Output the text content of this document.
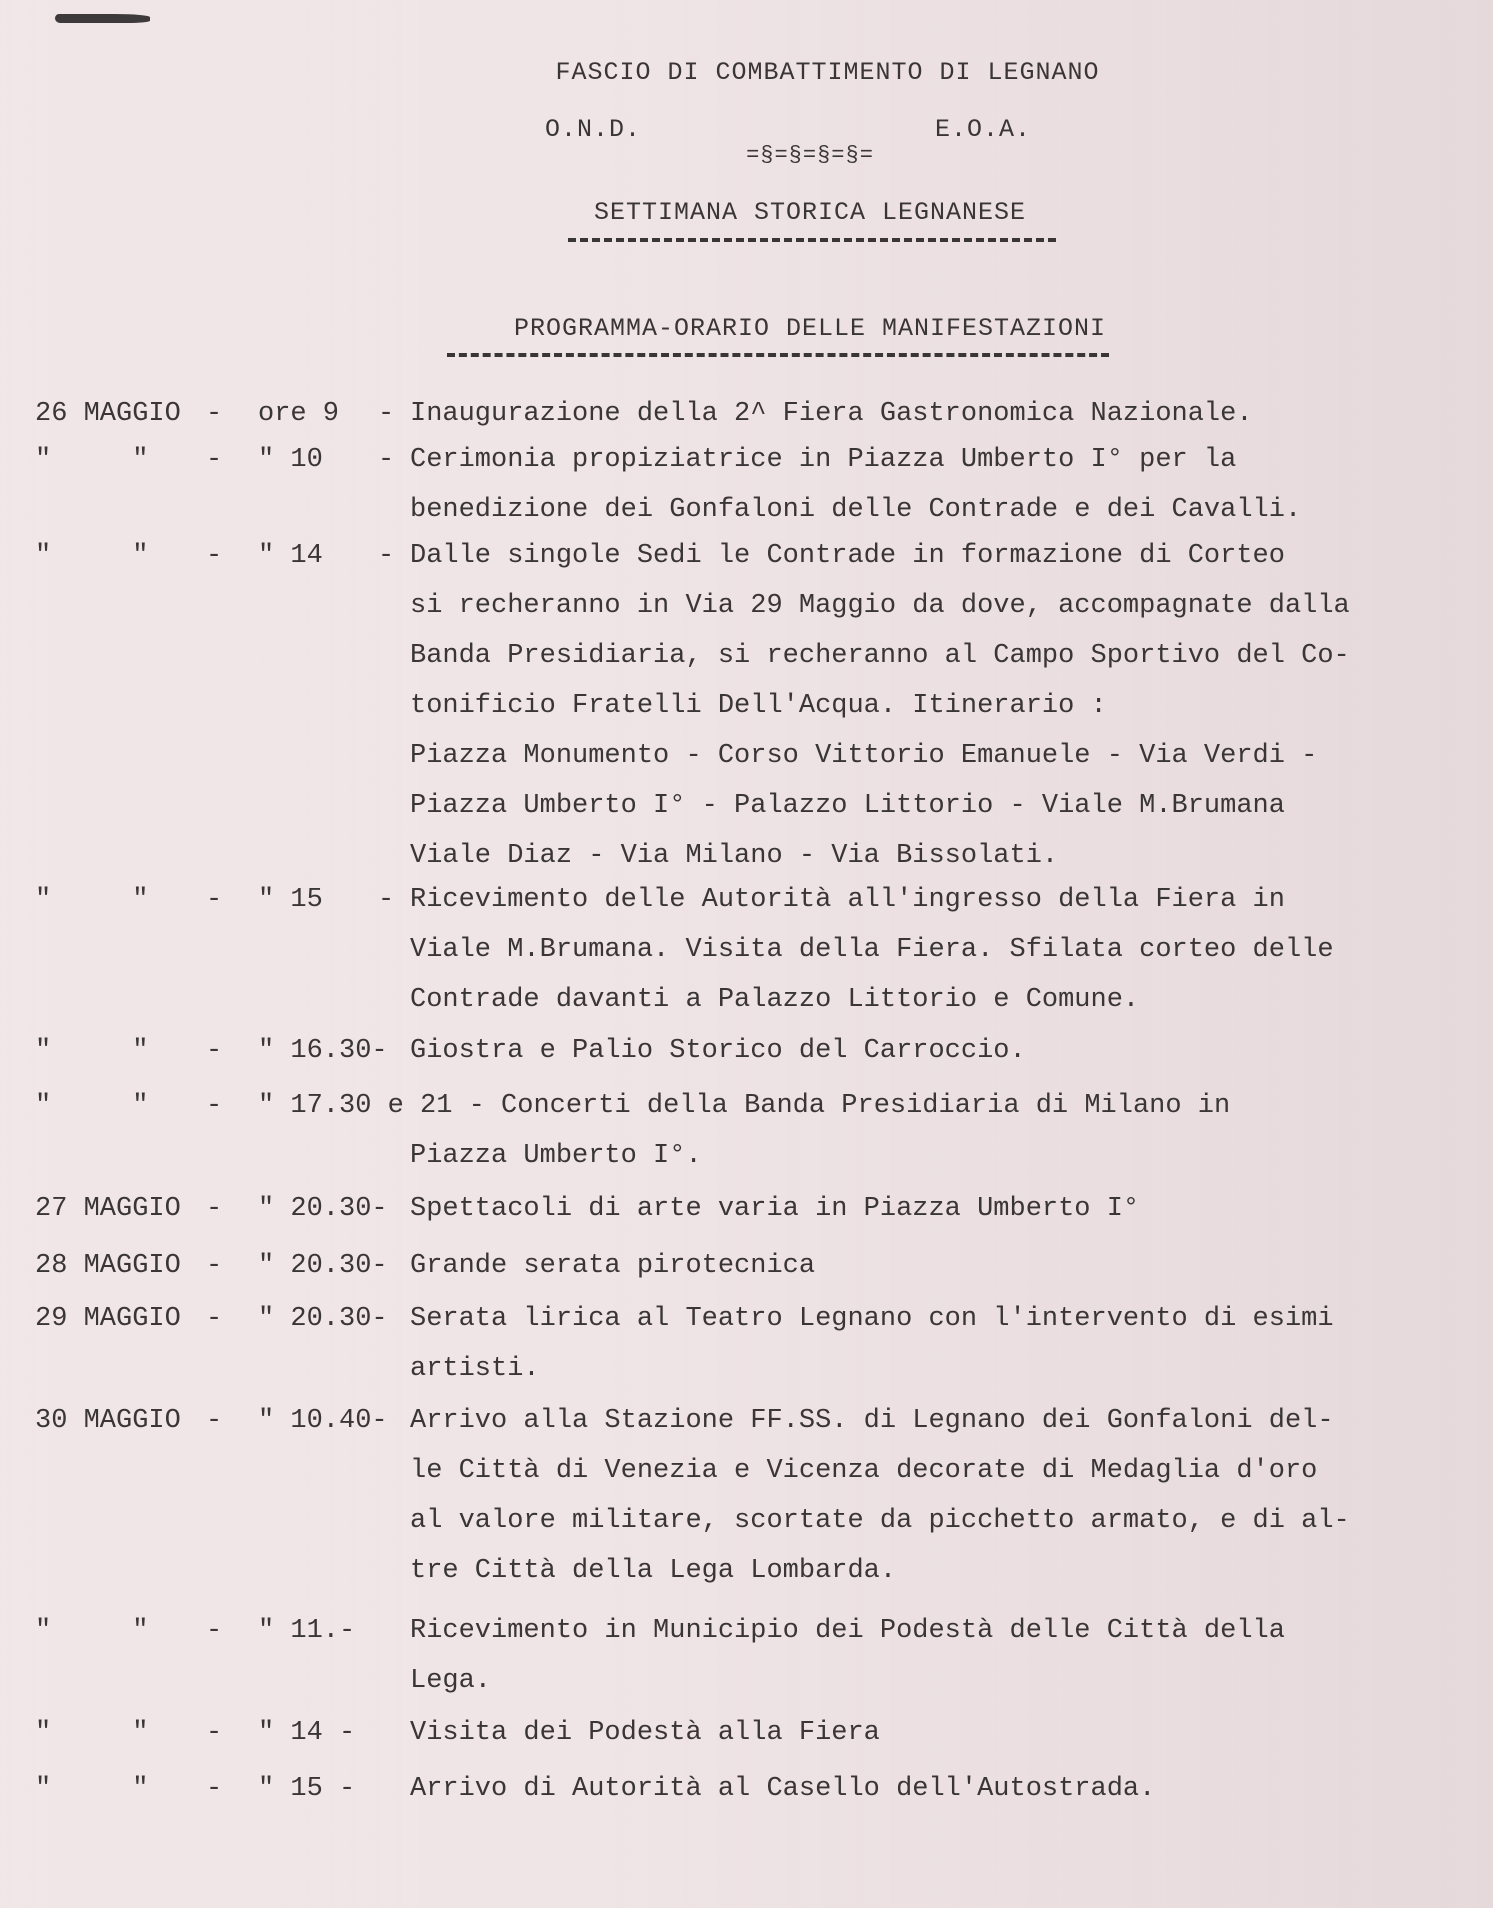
FASCIO DI COMBATTIMENTO DI LEGNANO
O.N.D.	E.O.A.
=§=§=§=§=
SETTIMANA STORICA LEGNANESE
PROGRAMMA-ORARIO DELLE MANIFESTAZIONI
26 MAGGIO - ore 9 - Inaugurazione della 2^ Fiera Gastronomica Nazionale.
"     " - " 10 - Cerimonia propiziatrice in Piazza Umberto I° per la
benedizione dei Gonfaloni delle Contrade e dei Cavalli.
"     " - " 14 - Dalle singole Sedi le Contrade in formazione di Corteo
si recheranno in Via 29 Maggio da dove, accompagnate dalla
Banda Presidiaria, si recheranno al Campo Sportivo del Co-
tonificio Fratelli Dell'Acqua. Itinerario :
Piazza Monumento - Corso Vittorio Emanuele - Via Verdi -
Piazza Umberto I° - Palazzo Littorio - Viale M.Brumana
Viale Diaz - Via Milano - Via Bissolati.
"     " - " 15 - Ricevimento delle Autorità all'ingresso della Fiera in
Viale M.Brumana. Visita della Fiera. Sfilata corteo delle
Contrade davanti a Palazzo Littorio e Comune.
"     " - " 16.30- Giostra e Palio Storico del Carroccio.
"     " - " 17.30 e 21 - Concerti della Banda Presidiaria di Milano in
Piazza Umberto I°.
27 MAGGIO - " 20.30- Spettacoli di arte varia in Piazza Umberto I°
28 MAGGIO - " 20.30- Grande serata pirotecnica
29 MAGGIO - " 20.30- Serata lirica al Teatro Legnano con l'intervento di esimi
artisti.
30 MAGGIO - " 10.40- Arrivo alla Stazione FF.SS. di Legnano dei Gonfaloni del-
le Città di Venezia e Vicenza decorate di Medaglia d'oro
al valore militare, scortate da picchetto armato, e di al-
tre Città della Lega Lombarda.
"     " - " 11.- Ricevimento in Municipio dei Podestà delle Città della
Lega.
"     " - " 14 - Visita dei Podestà alla Fiera
"     " - " 15 - Arrivo di Autorità al Casello dell'Autostrada.
